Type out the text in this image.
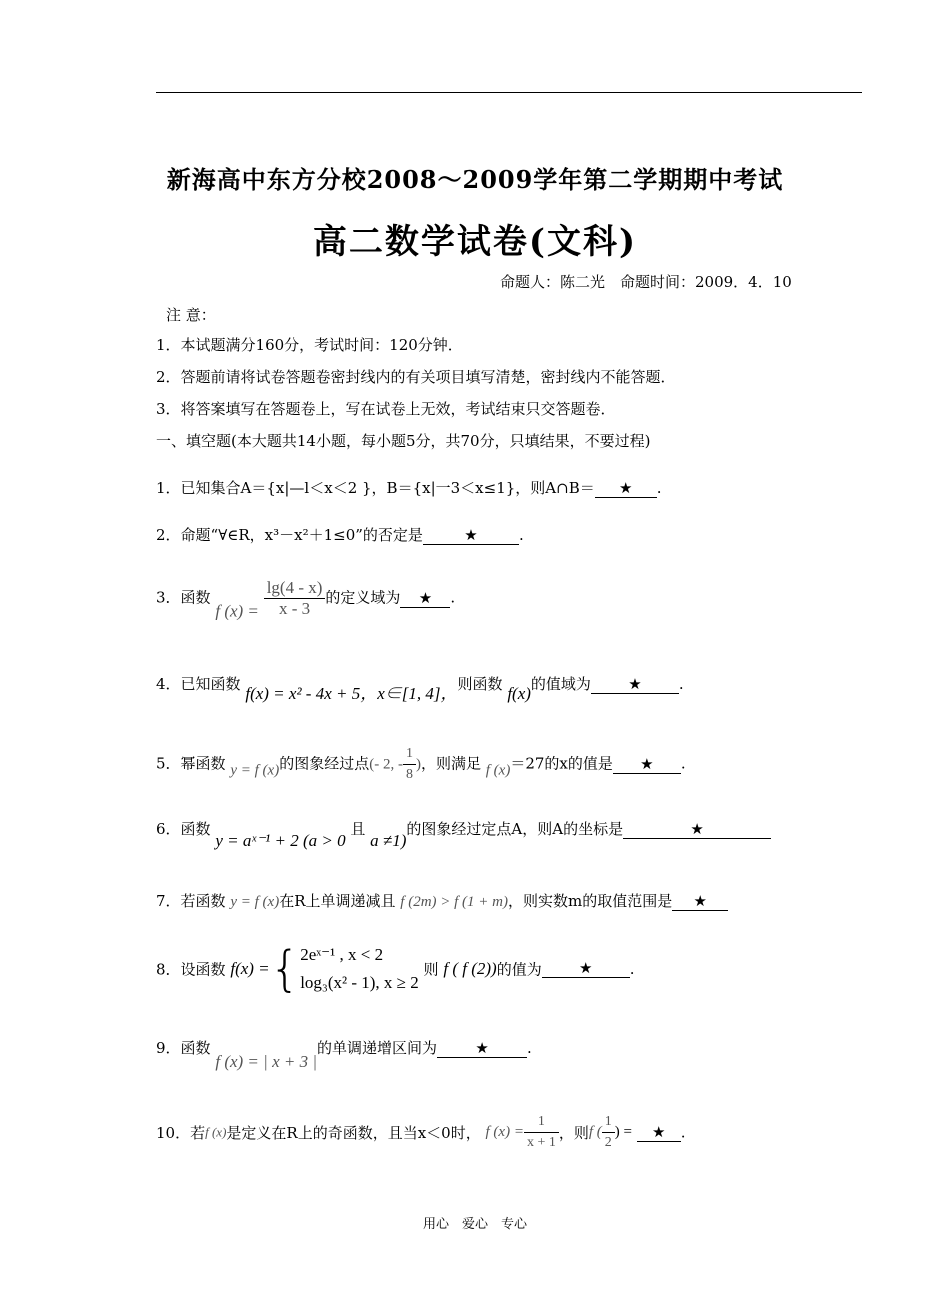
新海高中东方分校2008～2009学年第二学期期中考试
高二数学试卷(文科)
命题人：陈二光　命题时间：2009．4．10
注 意：
1．本试题满分160分，考试时间：120分钟．
2．答题前请将试卷答题卷密封线内的有关项目填写清楚，密封线内不能答题．
3．将答案填写在答题卷上，写在试卷上无效，考试结束只交答题卷．
一、填空题(本大题共14小题，每小题5分，共70分，只填结果，不要过程)
1．已知集合A＝{x|—l＜x＜2 }，B＝{x|一3＜x≤1}，则A∩B＝ ★ .
2．命题“∀∈R，x³－x²＋1≤0”的否定是	★	.
3．函数 f $(x) = \frac{\lg(4 - x)}{x - 3}$ 的定义域为 ★ .
4．已知函数 f(x) = x² - 4x + 5，x∈[1, 4]，则函数 f(x)的值域为 ★ .
5．幂函数 y = f (x)的图象经过点(- 2, - $\frac{1}{8}$ )，则满足 f (x)＝27的x的值是 ★ .
6．函数 y = aˣ⁻¹ + 2 (a > 0 且 a ≠1)的图象经过定点A，则A的坐标是	★
7．若函数 y = f (x)在R上单调递减且 f (2m) > f (1 + m)，则实数m的取值范围是 ★
8．设函数 f(x) ={ 2eˣ⁻¹ , x < 2
log₃(x² - 1), x ≥ 2
则 f ( f (2))的值为 ★ .
9．函数 f (x) = | x + 3 |的单调递增区间为	★	.
10．若f (x)是定义在R上的奇函数，且当x＜0时， f $(x) = \frac{1}{x + 1}$ ，则f ( $\frac{1}{2}$ ) = ★ .
用心　爱心　专心
